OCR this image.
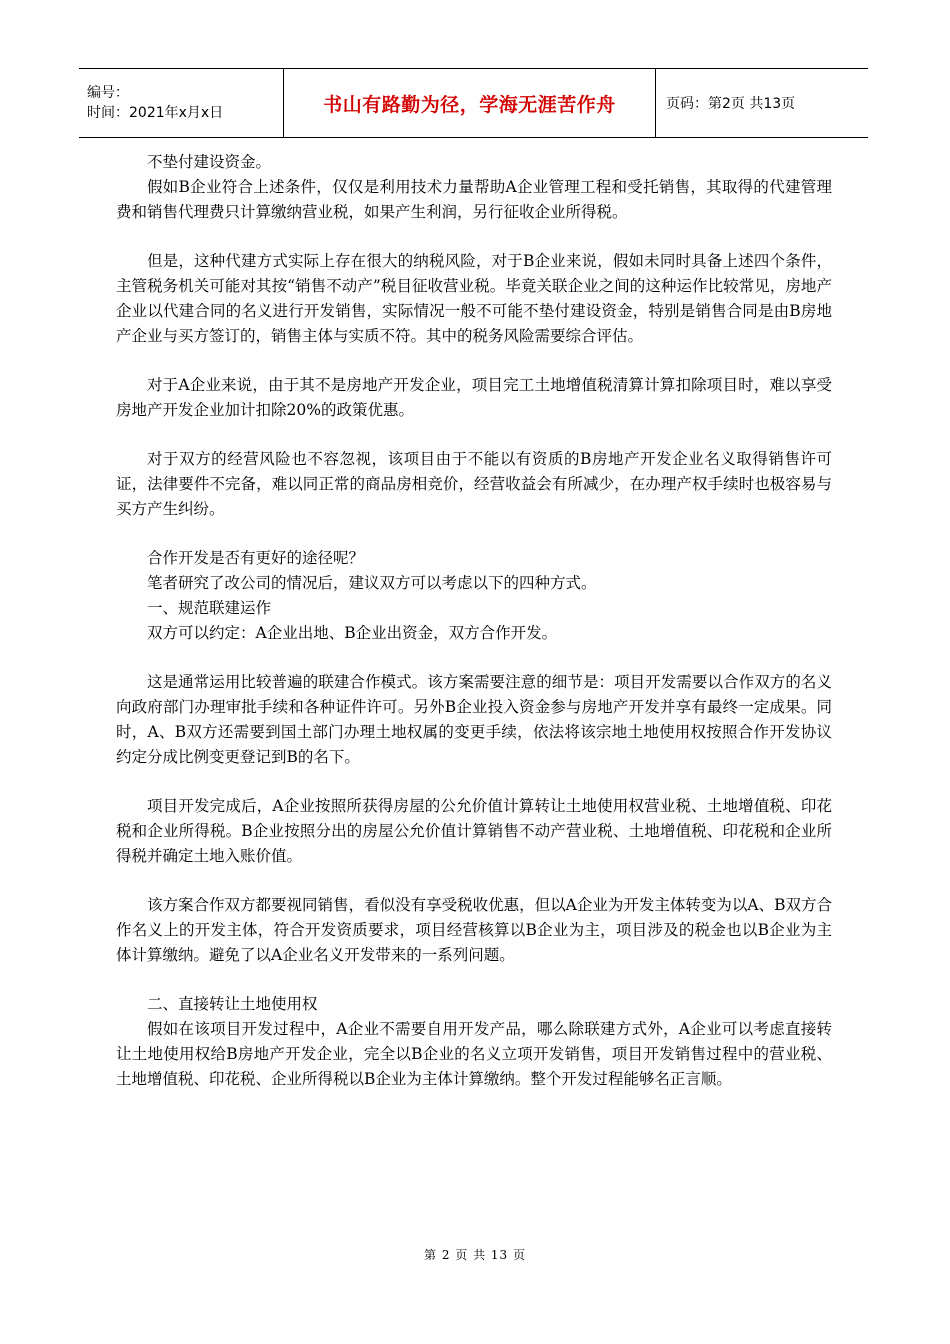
编号：
时间：2021年x月x日	书山有路勤为径，学海无涯苦作舟	页码：第2页 共13页

不垫付建设资金。

假如B企业符合上述条件，仅仅是利用技术力量帮助A企业管理工程和受托销售，其取得的代建管理费和销售代理费只计算缴纳营业税，如果产生利润，另行征收企业所得税。

但是，这种代建方式实际上存在很大的纳税风险，对于B企业来说，假如未同时具备上述四个条件，主管税务机关可能对其按“销售不动产”税目征收营业税。毕竟关联企业之间的这种运作比较常见，房地产企业以代建合同的名义进行开发销售，实际情况一般不可能不垫付建设资金，特别是销售合同是由B房地产企业与买方签订的，销售主体与实质不符。其中的税务风险需要综合评估。

对于A企业来说，由于其不是房地产开发企业，项目完工土地增值税清算计算扣除项目时，难以享受房地产开发企业加计扣除20%的政策优惠。

对于双方的经营风险也不容忽视，该项目由于不能以有资质的B房地产开发企业名义取得销售许可证，法律要件不完备，难以同正常的商品房相竞价，经营收益会有所减少，在办理产权手续时也极容易与买方产生纠纷。

合作开发是否有更好的途径呢？

笔者研究了改公司的情况后，建议双方可以考虑以下的四种方式。

一、规范联建运作

双方可以约定：A企业出地、B企业出资金，双方合作开发。

这是通常运用比较普遍的联建合作模式。该方案需要注意的细节是：项目开发需要以合作双方的名义向政府部门办理审批手续和各种证件许可。另外B企业投入资金参与房地产开发并享有最终一定成果。同时，A、B双方还需要到国土部门办理土地权属的变更手续，依法将该宗地土地使用权按照合作开发协议约定分成比例变更登记到B的名下。

项目开发完成后，A企业按照所获得房屋的公允价值计算转让土地使用权营业税、土地增值税、印花税和企业所得税。B企业按照分出的房屋公允价值计算销售不动产营业税、土地增值税、印花税和企业所得税并确定土地入账价值。

该方案合作双方都要视同销售，看似没有享受税收优惠，但以A企业为开发主体转变为以A、B双方合作名义上的开发主体，符合开发资质要求，项目经营核算以B企业为主，项目涉及的税金也以B企业为主体计算缴纳。避免了以A企业名义开发带来的一系列问题。

二、直接转让土地使用权

假如在该项目开发过程中，A企业不需要自用开发产品，哪么除联建方式外，A企业可以考虑直接转让土地使用权给B房地产开发企业，完全以B企业的名义立项开发销售，项目开发销售过程中的营业税、土地增值税、印花税、企业所得税以B企业为主体计算缴纳。整个开发过程能够名正言顺。

第 2 页 共 13 页
